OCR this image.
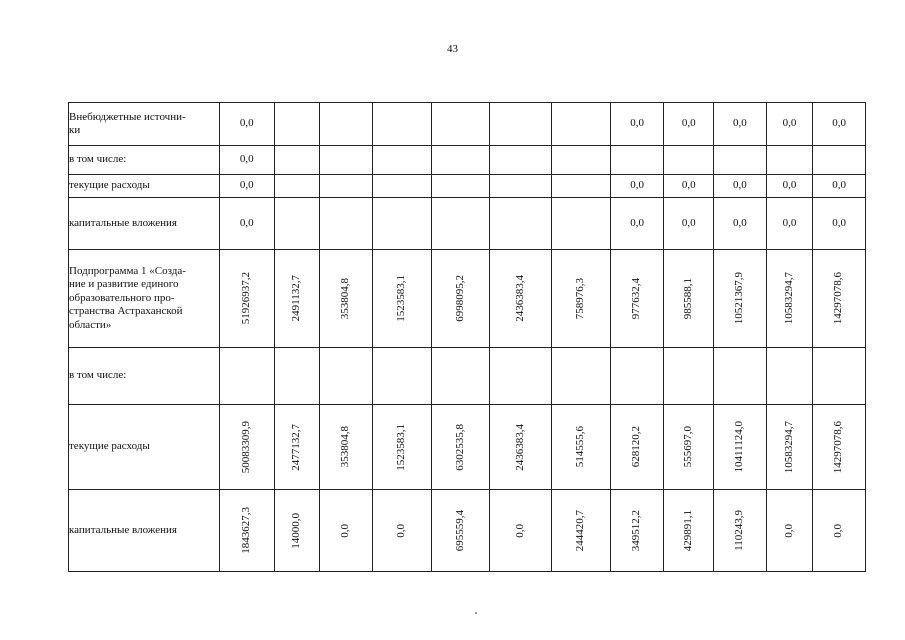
43
Внебюджетные источни-
ки	0,0							0,0	0,0	0,0	0,0	0,0

в том числе:	0,0											

текущие расходы	0,0							0,0	0,0	0,0	0,0	0,0

капитальные вложения	0,0							0,0	0,0	0,0	0,0	0,0

Подпрограмма 1 «Созда-
ние и развитие единого
образовательного про-
странства Астраханской
области»	51926937,2	2491132,7	353804,8	1523583,1	6998095,2	2436383,4	758976,3	977632,4	985588,1	10521367,9	10583294,7	14297078,6

в том числе:												

текущие расходы	50083309,9	2477132,7	353804,8	1523583,1	6302535,8	2436383,4	514555,6	628120,2	555697,0	10411124,0	10583294,7	14297078,6

капитальные вложения	1843627,3	14000,0	0,0	0,0	695559,4	0,0	244420,7	349512,2	429891,1	110243,9	0,0	0,0
